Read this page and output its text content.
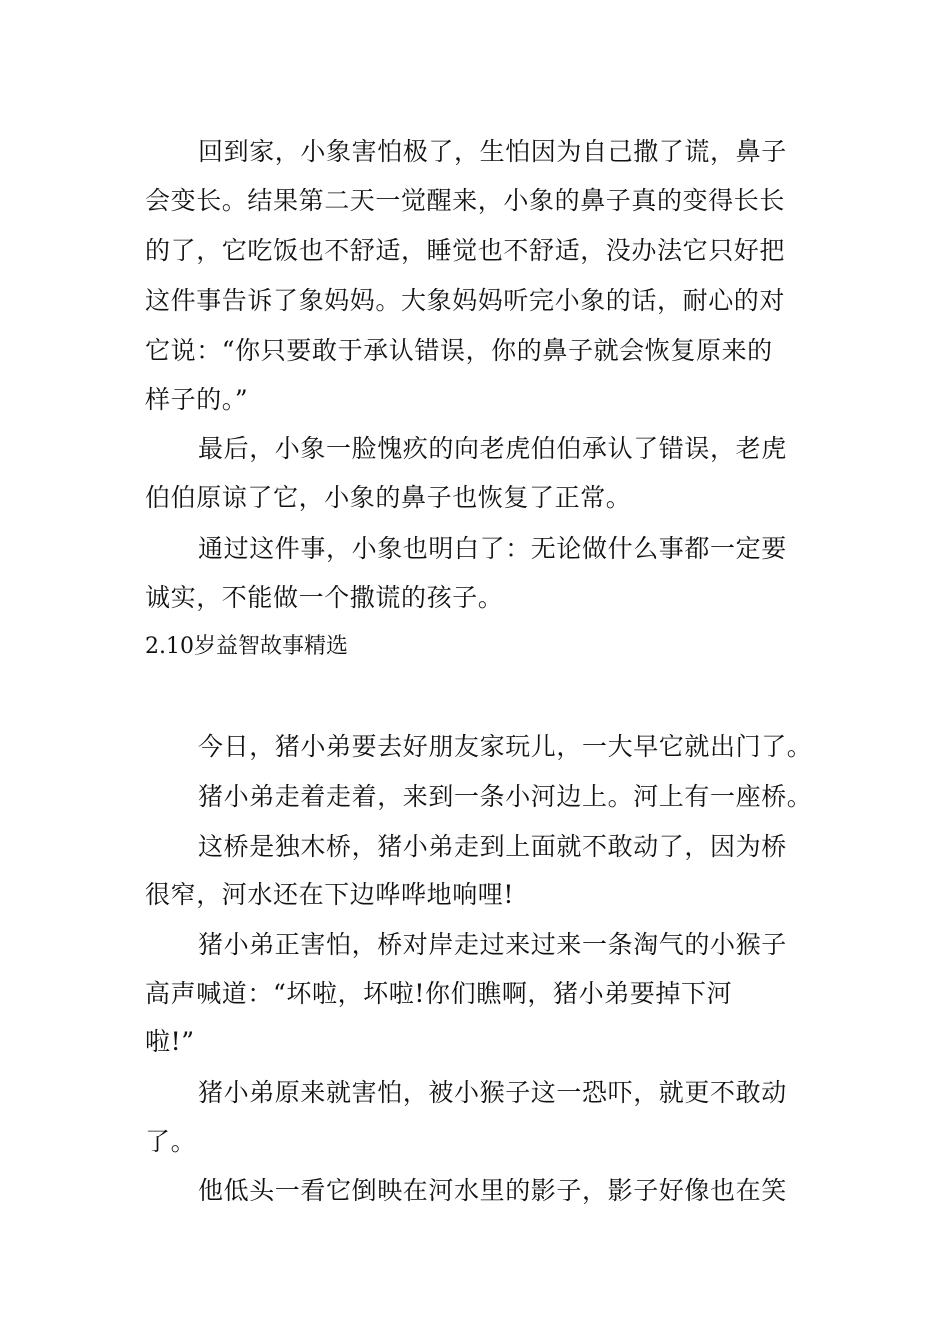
回到家，小象害怕极了，生怕因为自己撒了谎，鼻子
会变长。结果第二天一觉醒来，小象的鼻子真的变得长长
的了，它吃饭也不舒适，睡觉也不舒适，没办法它只好把
这件事告诉了象妈妈。大象妈妈听完小象的话，耐心的对
它说：“你只要敢于承认错误，你的鼻子就会恢复原来的
样子的。”
最后，小象一脸愧疚的向老虎伯伯承认了错误，老虎
伯伯原谅了它，小象的鼻子也恢复了正常。
通过这件事，小象也明白了：无论做什么事都一定要
诚实，不能做一个撒谎的孩子。
2.10岁益智故事精选
今日，猪小弟要去好朋友家玩儿，一大早它就出门了。
猪小弟走着走着，来到一条小河边上。河上有一座桥。
这桥是独木桥，猪小弟走到上面就不敢动了，因为桥
很窄，河水还在下边哗哗地响哩!
猪小弟正害怕，桥对岸走过来过来一条淘气的小猴子
高声喊道：“坏啦，坏啦!你们瞧啊，猪小弟要掉下河
啦!”
猪小弟原来就害怕，被小猴子这一恐吓，就更不敢动
了。
他低头一看它倒映在河水里的影子，影子好像也在笑
